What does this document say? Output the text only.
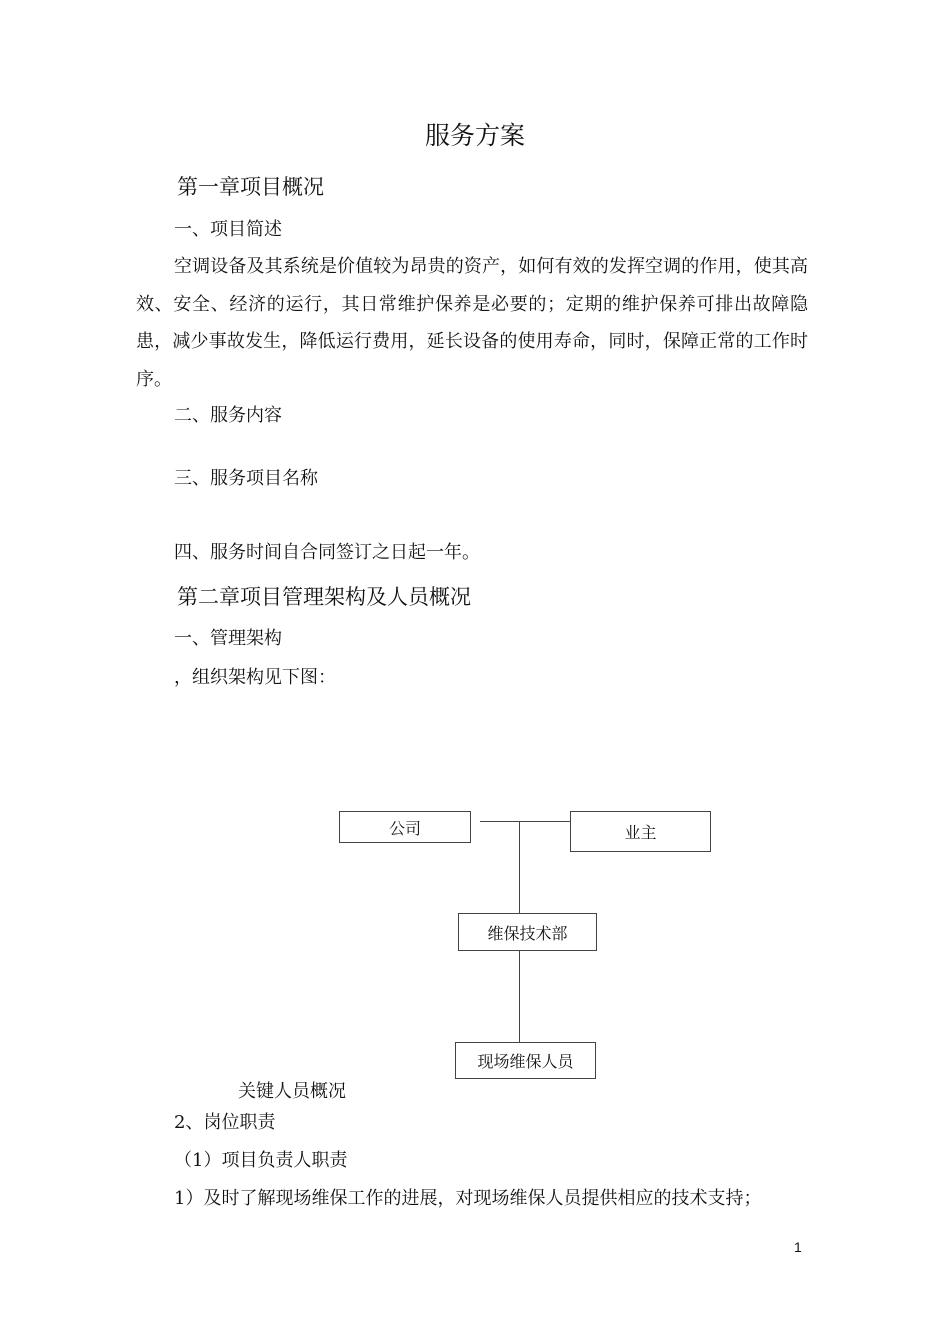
服务方案
第一章项目概况
一、项目简述
空调设备及其系统是价值较为昂贵的资产，如何有效的发挥空调的作用，使其高效、安全、经济的运行，其日常维护保养是必要的；定期的维护保养可排出故障隐患，减少事故发生，降低运行费用，延长设备的使用寿命，同时，保障正常的工作时序。
二、服务内容
三、服务项目名称
四、服务时间自合同签订之日起一年。
第二章项目管理架构及人员概况
一、管理架构
，组织架构见下图：
公司	业主
维保技术部
现场维保人员
关键人员概况
2、岗位职责
（1）项目负责人职责
1）及时了解现场维保工作的进展，对现场维保人员提供相应的技术支持；
1
